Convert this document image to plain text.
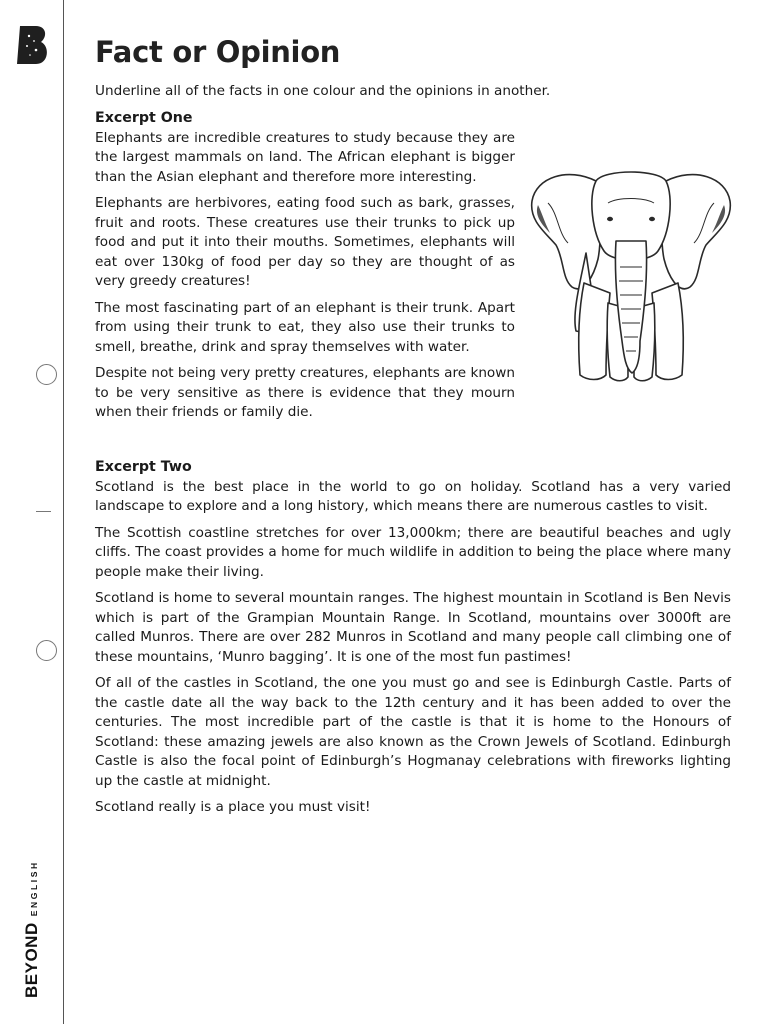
BEYOND
ENGLISH
Fact or Opinion
Underline all of the facts in one colour and the opinions in another.
Excerpt One

Elephants are incredible creatures to study because they are the largest mammals on land. The African elephant is bigger than the Asian elephant and therefore more interesting.

Elephants are herbivores, eating food such as bark, grasses, fruit and roots. These creatures use their trunks to pick up food and put it into their mouths. Sometimes, elephants will eat over 130kg of food per day so they are thought of as very greedy creatures!

The most fascinating part of an elephant is their trunk. Apart from using their trunk to eat, they also use their trunks to smell, breathe, drink and spray themselves with water.

Despite not being very pretty creatures, elephants are known to be very sensitive as there is evidence that they mourn when their friends or family die.

Excerpt Two

Scotland is the best place in the world to go on holiday. Scotland has a very varied landscape to explore and a long history, which means there are numerous castles to visit.

The Scottish coastline stretches for over 13,000km; there are beautiful beaches and ugly cliffs. The coast provides a home for much wildlife in addition to being the place where many people make their living.

Scotland is home to several mountain ranges. The highest mountain in Scotland is Ben Nevis which is part of the Grampian Mountain Range. In Scotland, mountains over 3000ft are called Munros. There are over 282 Munros in Scotland and many people call climbing one of these mountains, ‘Munro bagging’. It is one of the most fun pastimes!

Of all of the castles in Scotland, the one you must go and see is Edinburgh Castle. Parts of the castle date all the way back to the 12th century and it has been added to over the centuries. The most incredible part of the castle is that it is home to the Honours of Scotland: these amazing jewels are also known as the Crown Jewels of Scotland. Edinburgh Castle is also the focal point of Edinburgh’s Hogmanay celebrations with fireworks lighting up the castle at midnight.

Scotland really is a place you must visit!
